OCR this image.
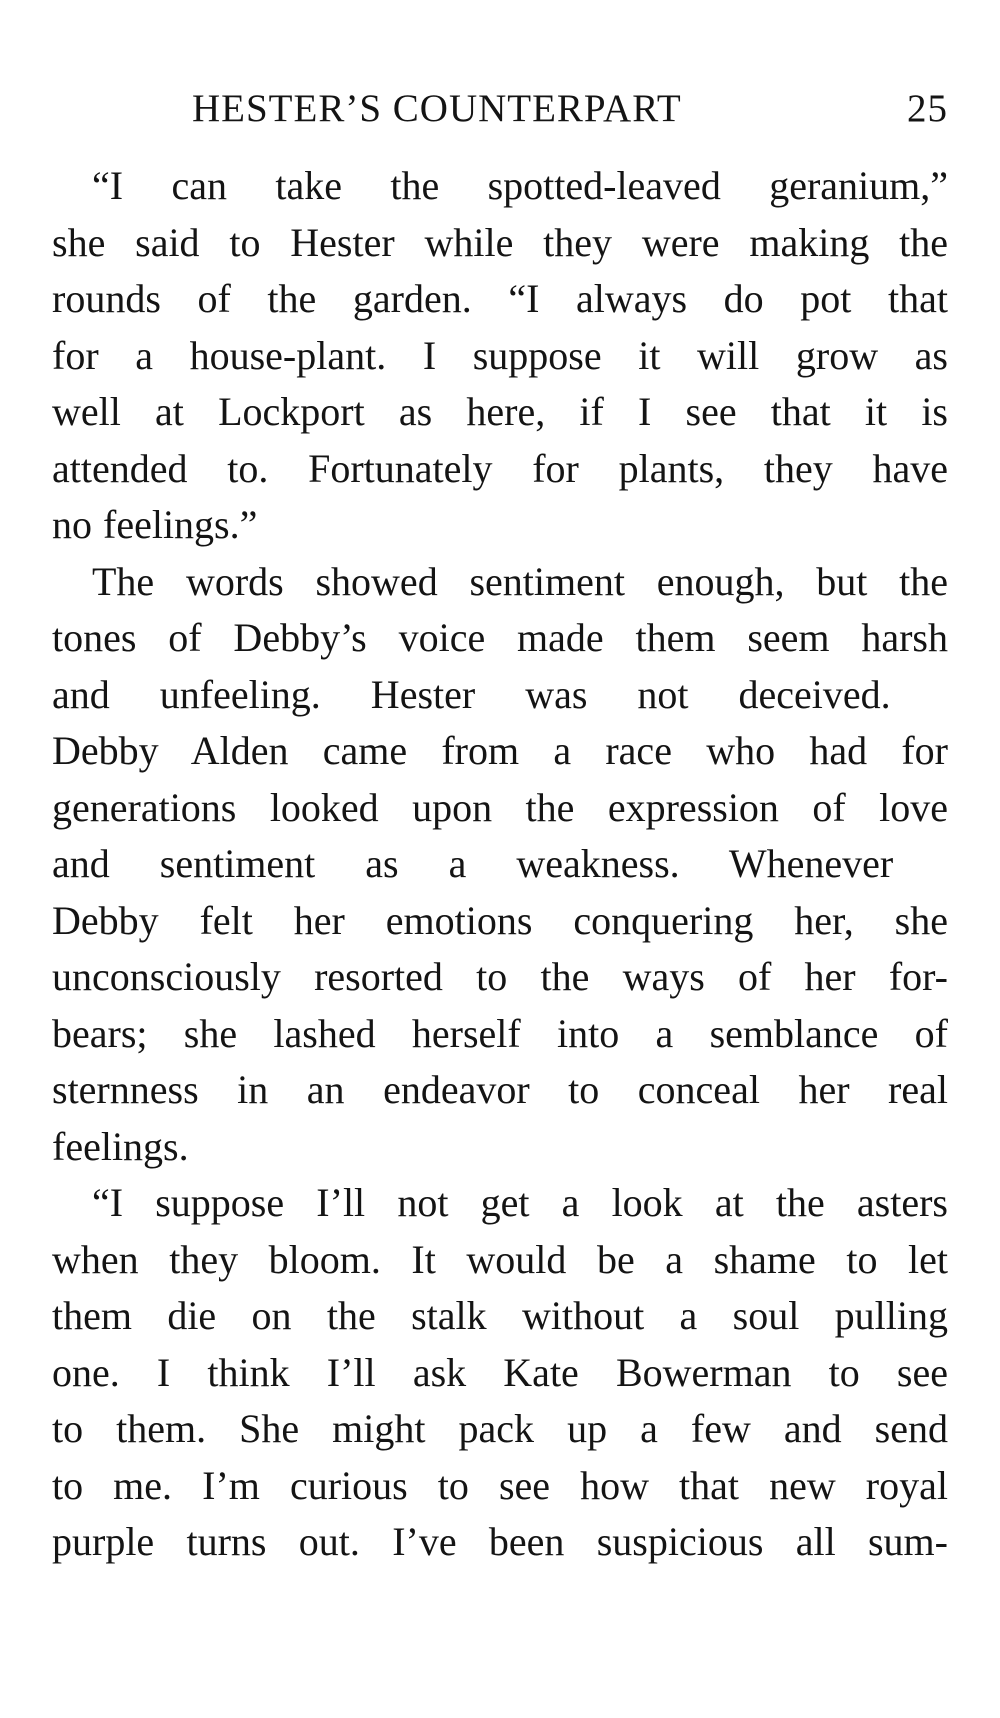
HESTER’S COUNTERPART	25

“I can take the spotted-leaved geranium,”
she said to Hester while they were making the
rounds of the garden. “I always do pot that
for a house-plant. I suppose it will grow as
well at Lockport as here, if I see that it is
attended to. Fortunately for plants, they have
no feelings.”

The words showed sentiment enough, but the
tones of Debby’s voice made them seem harsh
and unfeeling. Hester was not deceived.
Debby Alden came from a race who had for
generations looked upon the expression of love
and sentiment as a weakness. Whenever
Debby felt her emotions conquering her, she
unconsciously resorted to the ways of her for-
bears; she lashed herself into a semblance of
sternness in an endeavor to conceal her real
feelings.

“I suppose I’ll not get a look at the asters
when they bloom. It would be a shame to let
them die on the stalk without a soul pulling
one. I think I’ll ask Kate Bowerman to see
to them. She might pack up a few and send
to me. I’m curious to see how that new royal
purple turns out. I’ve been suspicious all sum-
